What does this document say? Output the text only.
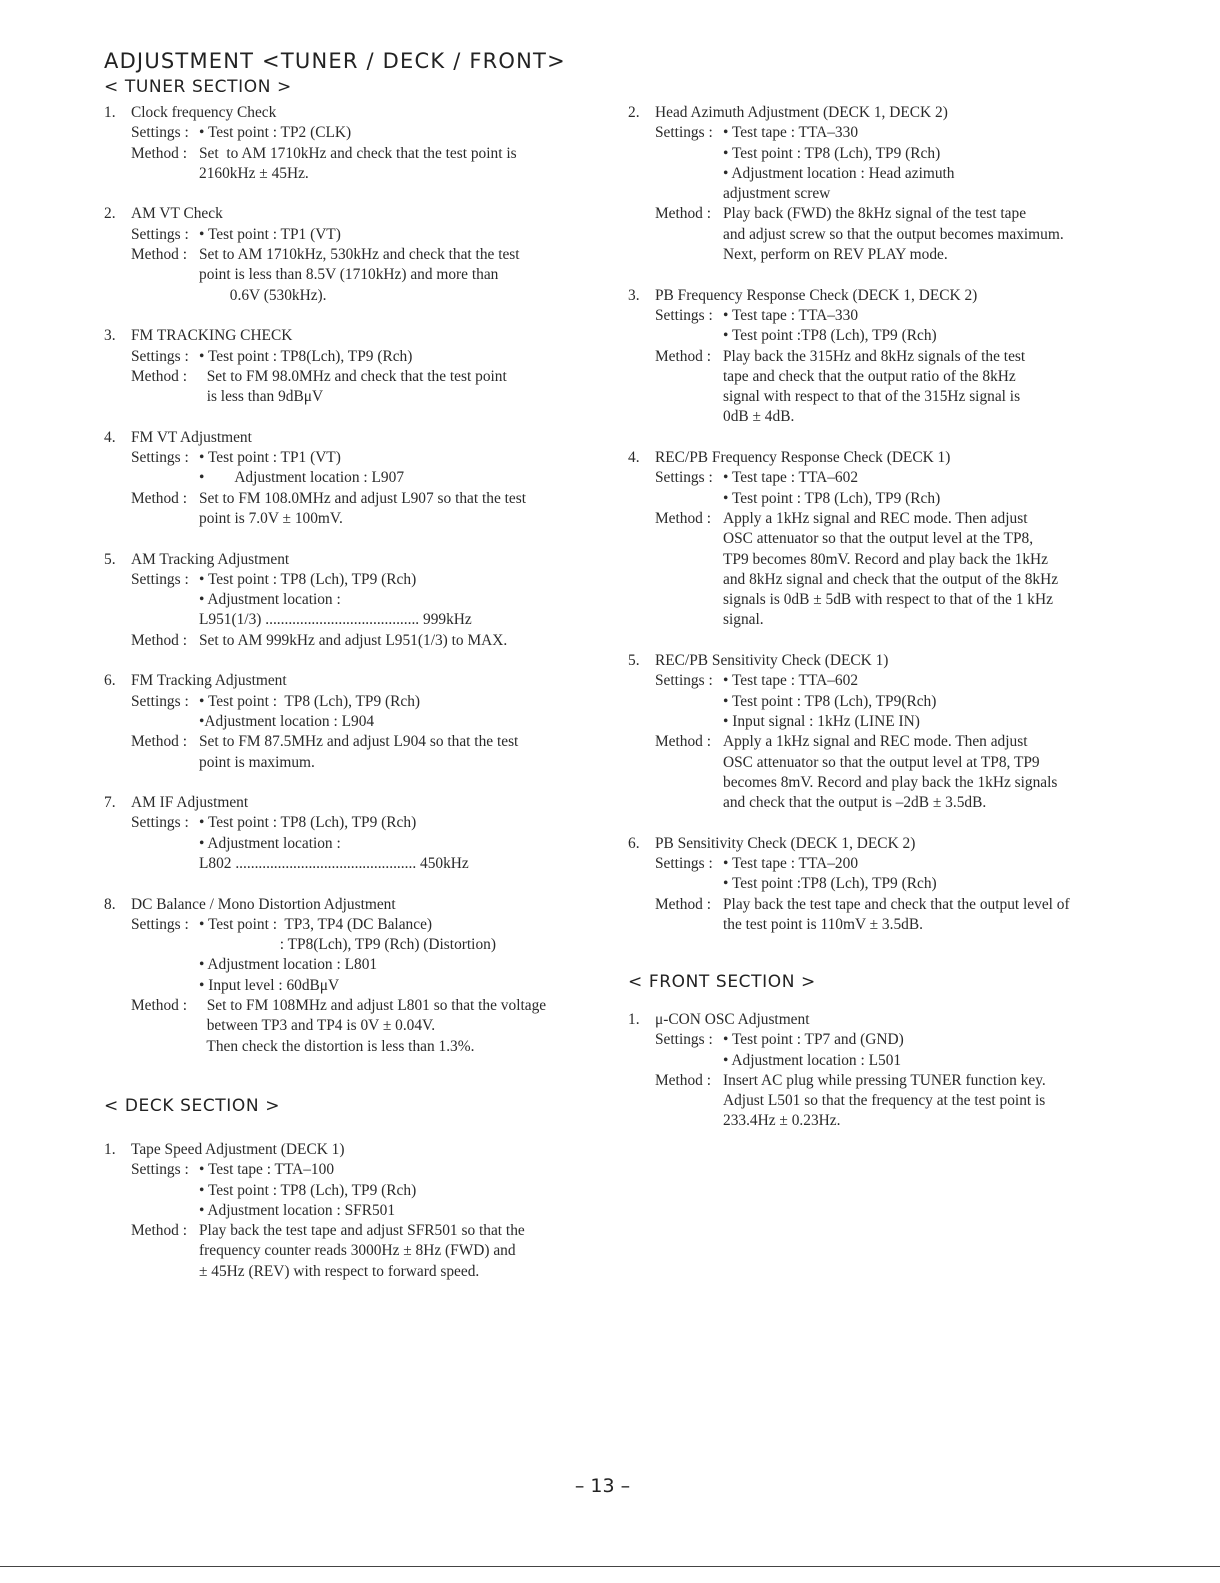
ADJUSTMENT <TUNER / DECK / FRONT>
< TUNER SECTION >
1. Clock frequency Check
Settings : • Test point : TP2 (CLK)
Method : Set  to AM 1710kHz and check that the test point is
2160kHz ± 45Hz.
2. AM VT Check
Settings : • Test point : TP1 (VT)
Method : Set to AM 1710kHz, 530kHz and check that the test
point is less than 8.5V (1710kHz) and more than
0.6V (530kHz).
3. FM TRACKING CHECK
Settings : • Test point : TP8(Lch), TP9 (Rch)
Method : Set to FM 98.0MHz and check that the test point
is less than 9dBμV
4. FM VT Adjustment
Settings : • Test point : TP1 (VT)
•        Adjustment location : L907
Method : Set to FM 108.0MHz and adjust L907 so that the test
point is 7.0V ± 100mV.
5. AM Tracking Adjustment
Settings : • Test point : TP8 (Lch), TP9 (Rch)
• Adjustment location :
L951(1/3) ........................................ 999kHz
Method : Set to AM 999kHz and adjust L951(1/3) to MAX.
6. FM Tracking Adjustment
Settings : • Test point :  TP8 (Lch), TP9 (Rch)
•Adjustment location : L904
Method : Set to FM 87.5MHz and adjust L904 so that the test
point is maximum.
7. AM IF Adjustment
Settings : • Test point : TP8 (Lch), TP9 (Rch)
• Adjustment location :
L802 ............................................... 450kHz
8. DC Balance / Mono Distortion Adjustment
Settings : • Test point :  TP3, TP4 (DC Balance)
: TP8(Lch), TP9 (Rch) (Distortion)
• Adjustment location : L801
• Input level : 60dBμV
Method : Set to FM 108MHz and adjust L801 so that the voltage
between TP3 and TP4 is 0V ± 0.04V.
Then check the distortion is less than 1.3%.
< DECK SECTION >
1. Tape Speed Adjustment (DECK 1)
Settings : • Test tape : TTA–100
• Test point : TP8 (Lch), TP9 (Rch)
• Adjustment location : SFR501
Method : Play back the test tape and adjust SFR501 so that the
frequency counter reads 3000Hz ± 8Hz (FWD) and
± 45Hz (REV) with respect to forward speed.
2. Head Azimuth Adjustment (DECK 1, DECK 2)
Settings : • Test tape : TTA–330
• Test point : TP8 (Lch), TP9 (Rch)
• Adjustment location : Head azimuth
adjustment screw
Method : Play back (FWD) the 8kHz signal of the test tape
and adjust screw so that the output becomes maximum.
Next, perform on REV PLAY mode.
3. PB Frequency Response Check (DECK 1, DECK 2)
Settings : • Test tape : TTA–330
• Test point :TP8 (Lch), TP9 (Rch)
Method : Play back the 315Hz and 8kHz signals of the test
tape and check that the output ratio of the 8kHz
signal with respect to that of the 315Hz signal is
0dB ± 4dB.
4. REC/PB Frequency Response Check (DECK 1)
Settings : • Test tape : TTA–602
• Test point : TP8 (Lch), TP9 (Rch)
Method : Apply a 1kHz signal and REC mode. Then adjust
OSC attenuator so that the output level at the TP8,
TP9 becomes 80mV. Record and play back the 1kHz
and 8kHz signal and check that the output of the 8kHz
signals is 0dB ± 5dB with respect to that of the 1 kHz
signal.
5. REC/PB Sensitivity Check (DECK 1)
Settings : • Test tape : TTA–602
• Test point : TP8 (Lch), TP9(Rch)
• Input signal : 1kHz (LINE IN)
Method : Apply a 1kHz signal and REC mode. Then adjust
OSC attenuator so that the output level at TP8, TP9
becomes 8mV. Record and play back the 1kHz signals
and check that the output is –2dB ± 3.5dB.
6. PB Sensitivity Check (DECK 1, DECK 2)
Settings : • Test tape : TTA–200
• Test point :TP8 (Lch), TP9 (Rch)
Method : Play back the test tape and check that the output level of
the test point is 110mV ± 3.5dB.
< FRONT SECTION >
1. μ-CON OSC Adjustment
Settings : • Test point : TP7 and (GND)
• Adjustment location : L501
Method : Insert AC plug while pressing TUNER function key.
Adjust L501 so that the frequency at the test point is
233.4Hz ± 0.23Hz.
– 13 –
